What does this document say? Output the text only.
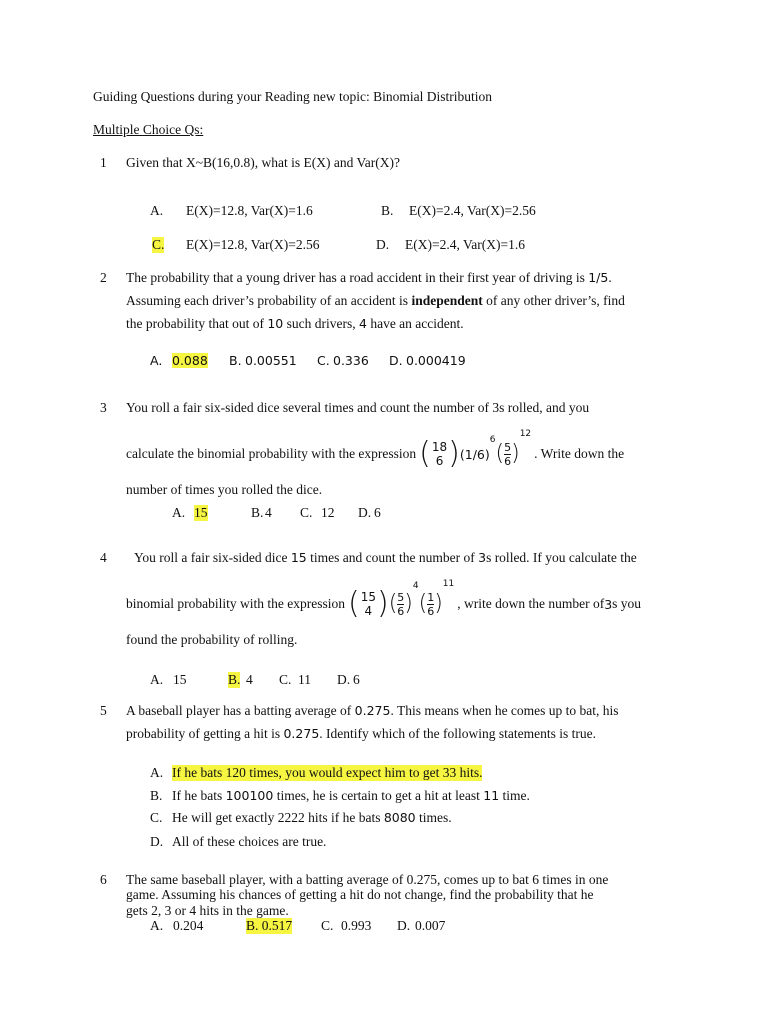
Guiding Questions during your Reading new topic: Binomial Distribution
Multiple Choice Qs:
1 Given that X~B(16,0.8), what is E(X) and Var(X)?
A. E(X)=12.8, Var(X)=1.6	B. E(X)=2.4, Var(X)=2.56
C. E(X)=12.8, Var(X)=2.56	D. E(X)=2.4, Var(X)=1.6
2 The probability that a young driver has a road accident in their first year of driving is 1/5.
Assuming each driver’s probability of an accident is independent of any other driver’s, find
the probability that out of 10 such drivers, 4 have an accident.
A. 0.088 B. 0.00551 C. 0.336 D. 0.000419
3 You roll a fair six-sided dice several times and count the number of 3s rolled, and you
calculate the binomial probability with the expression ( 18
6 ) (1/6)
6
( $\frac{5}{6}$ )
12
. Write down the
number of times you rolled the dice.
A. 15	B. 4 C. 12 D. 6
4 You roll a fair six-sided dice 15 times and count the number of 3s rolled. If you calculate the
binomial probability with the expression ( 15
4 ) ( $\frac{5}{6}$ )
4
( $\frac{1}{6}$ )
11
, write down the number of 3 s you
found the probability of rolling.
A. 15	B. 4 C. 11 D. 6
5 A baseball player has a batting average of 0.275. This means when he comes up to bat, his
probability of getting a hit is 0.275. Identify which of the following statements is true.
A. If he bats 120 times, you would expect him to get 33 hits.
B. If he bats 100100 times, he is certain to get a hit at least 11 time.
C. He will get exactly 2222 hits if he bats 8080 times.
D. All of these choices are true.
6 The same baseball player, with a batting average of 0.275, comes up to bat 6 times in one
game. Assuming his chances of getting a hit do not change, find the probability that he
gets 2, 3 or 4 hits in the game.
A. 0.204	B. 0.517 C. 0.993 D. 0.007
